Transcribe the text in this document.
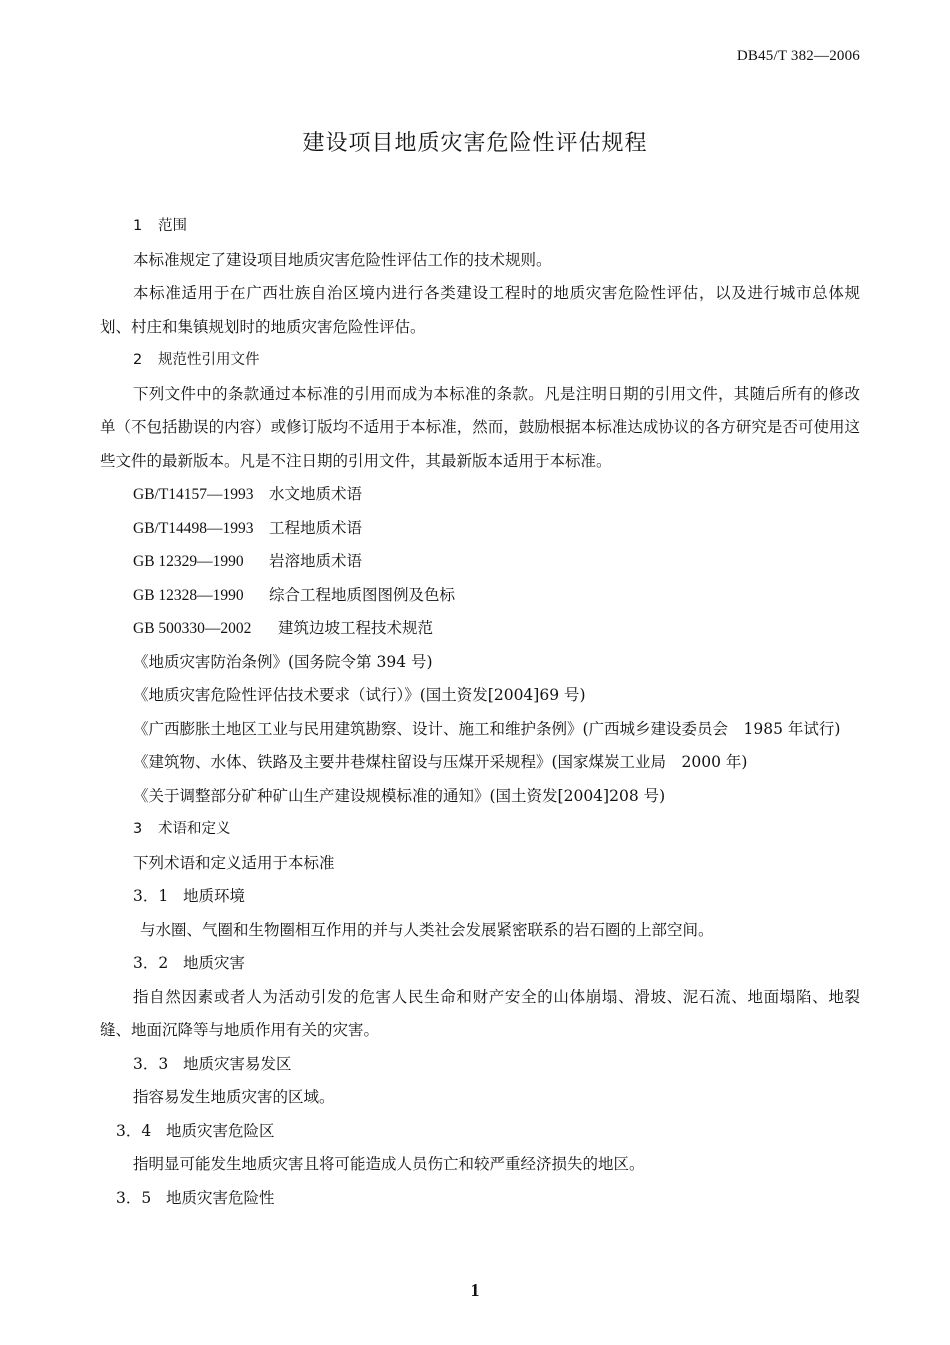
DB45/T 382—2006
建设项目地质灾害危险性评估规程
1 范围
本标准规定了建设项目地质灾害危险性评估工作的技术规则。
本标准适用于在广西壮族自治区境内进行各类建设工程时的地质灾害危险性评估，以及进行城市总体规划、村庄和集镇规划时的地质灾害危险性评估。
2 规范性引用文件
下列文件中的条款通过本标准的引用而成为本标准的条款。凡是注明日期的引用文件，其随后所有的修改单（不包括勘误的内容）或修订版均不适用于本标准，然而，鼓励根据本标准达成协议的各方研究是否可使用这些文件的最新版本。凡是不注日期的引用文件，其最新版本适用于本标准。
GB/T14157—1993 水文地质术语
GB/T14498—1993 工程地质术语
GB 12329—1990 岩溶地质术语
GB 12328—1990 综合工程地质图图例及色标
GB 500330—2002 建筑边坡工程技术规范
《地质灾害防治条例》(国务院令第 394 号)
《地质灾害危险性评估技术要求（试行）》(国土资发[2004]69 号)
《广西膨胀土地区工业与民用建筑勘察、设计、施工和维护条例》(广西城乡建设委员会　1985 年试行)
《建筑物、水体、铁路及主要井巷煤柱留设与压煤开采规程》(国家煤炭工业局　2000 年)
《关于调整部分矿种矿山生产建设规模标准的通知》(国土资发[2004]208 号)
3 术语和定义
下列术语和定义适用于本标准
3．1 地质环境
与水圈、气圈和生物圈相互作用的并与人类社会发展紧密联系的岩石圈的上部空间。
3．2 地质灾害
指自然因素或者人为活动引发的危害人民生命和财产安全的山体崩塌、滑坡、泥石流、地面塌陷、地裂缝、地面沉降等与地质作用有关的灾害。
3．3 地质灾害易发区
指容易发生地质灾害的区域。
3．4 地质灾害危险区
指明显可能发生地质灾害且将可能造成人员伤亡和较严重经济损失的地区。
3．5 地质灾害危险性
1
